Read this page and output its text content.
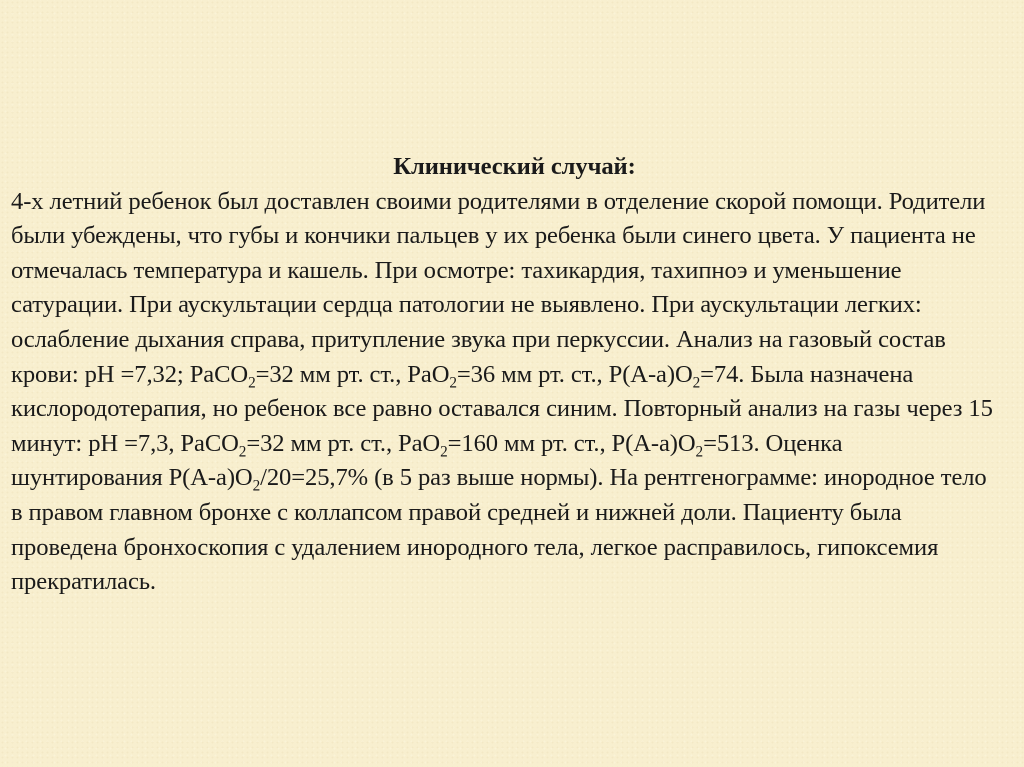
Клинический случай:

4-х летний ребенок был доставлен своими родителями в отделение скорой помощи. Родители были убеждены, что губы и кончики пальцев у их ребенка были синего цвета. У пациента не отмечалась температура и кашель. При осмотре: тахикардия, тахипноэ и уменьшение сатурации. При аускультации сердца патологии не выявлено. При аускультации легких: ослабление дыхания справа, притупление звука при перкуссии. Анализ на газовый состав крови: рН =7,32; PaCO$_2$=32 мм рт. ст., PaO$_2$=36 мм рт. ст., $P(A-a)O_2=74$. Была назначена кислородотерапия, но ребенок все равно оставался синим. Повторный анализ на газы через 15 минут: рН =7,3, PaCO$_2$=32 мм рт. ст., PaO$_2$=160 мм рт. ст., $P(A-a)O_2=513$. Оценка шунтирования $P(A-a)O_2/20=25,7\%$ (в 5 раз выше нормы). На рентгенограмме: инородное тело в правом главном бронхе с коллапсом правой средней и нижней доли. Пациенту была проведена бронхоскопия с удалением инородного тела, легкое расправилось, гипоксемия прекратилась.
